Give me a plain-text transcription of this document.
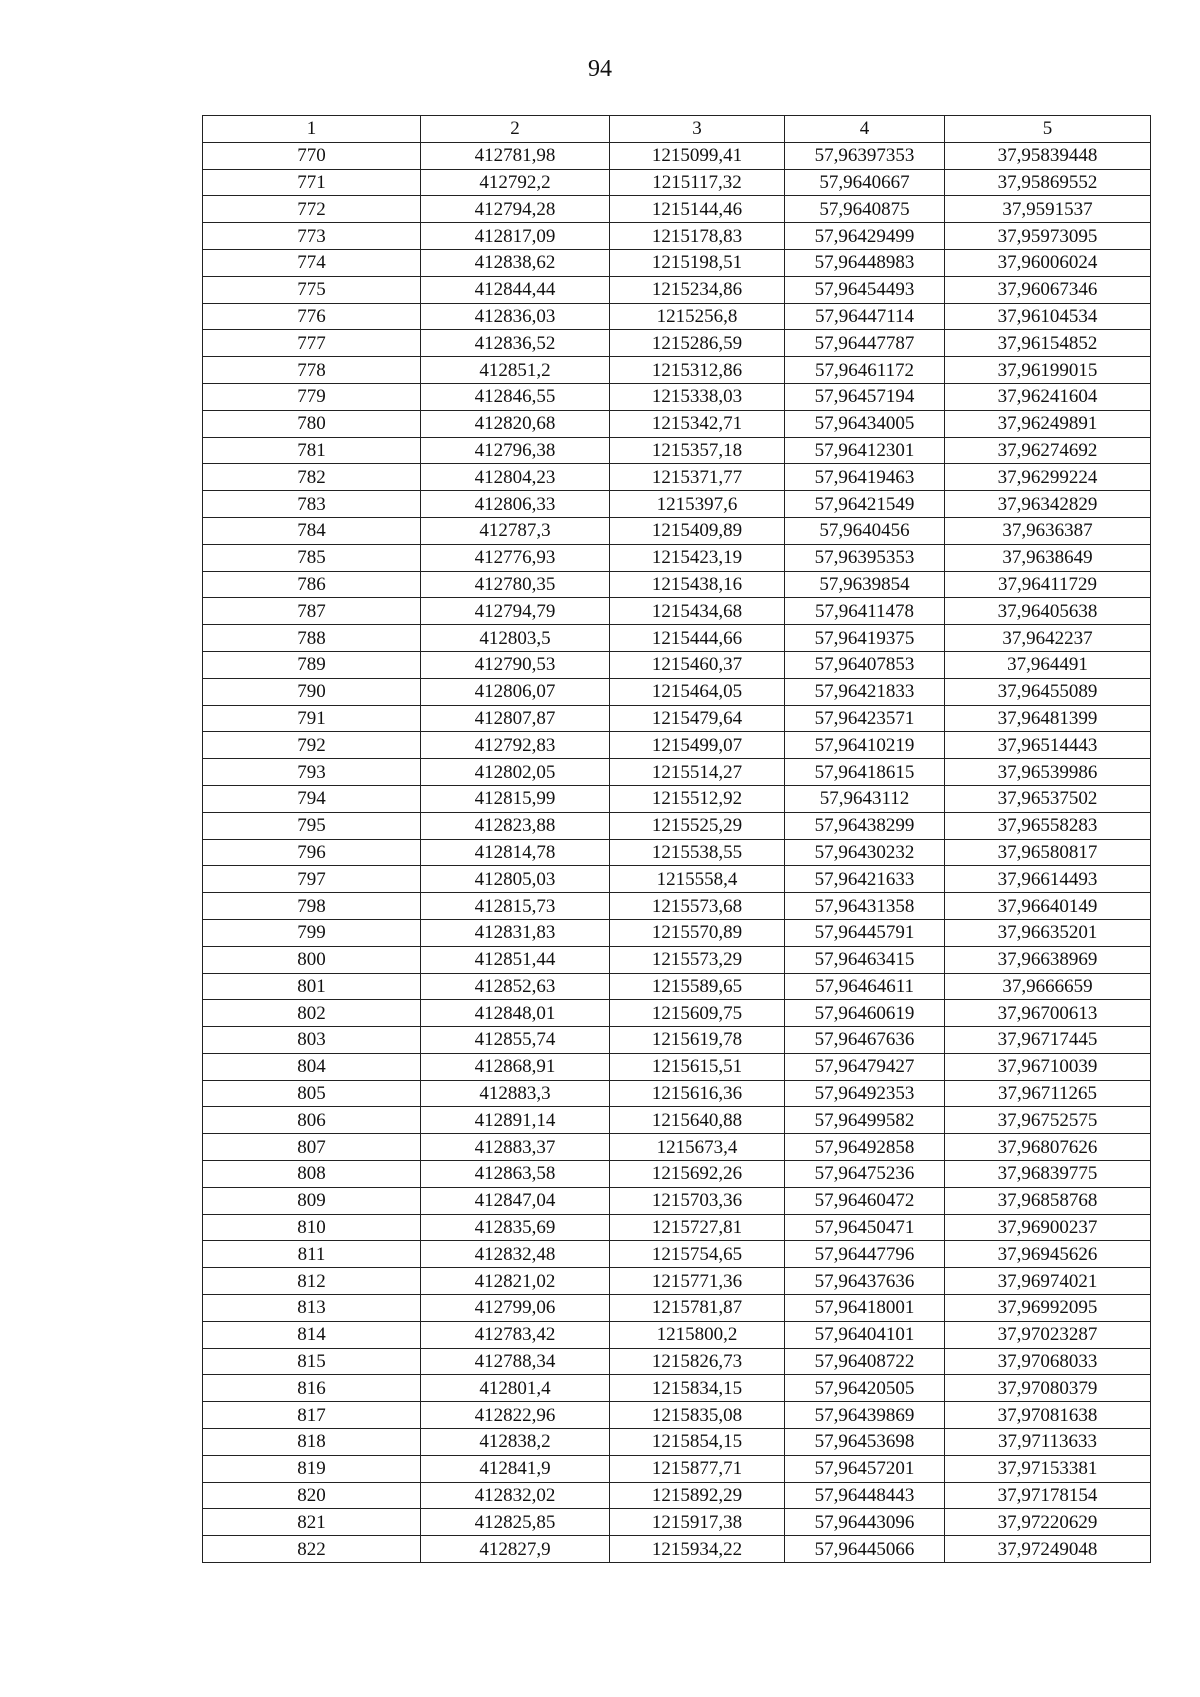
94
1	2	3	4	5
770	412781,98	1215099,41	57,96397353	37,95839448
771	412792,2	1215117,32	57,9640667	37,95869552
772	412794,28	1215144,46	57,9640875	37,9591537
773	412817,09	1215178,83	57,96429499	37,95973095
774	412838,62	1215198,51	57,96448983	37,96006024
775	412844,44	1215234,86	57,96454493	37,96067346
776	412836,03	1215256,8	57,96447114	37,96104534
777	412836,52	1215286,59	57,96447787	37,96154852
778	412851,2	1215312,86	57,96461172	37,96199015
779	412846,55	1215338,03	57,96457194	37,96241604
780	412820,68	1215342,71	57,96434005	37,96249891
781	412796,38	1215357,18	57,96412301	37,96274692
782	412804,23	1215371,77	57,96419463	37,96299224
783	412806,33	1215397,6	57,96421549	37,96342829
784	412787,3	1215409,89	57,9640456	37,9636387
785	412776,93	1215423,19	57,96395353	37,9638649
786	412780,35	1215438,16	57,9639854	37,96411729
787	412794,79	1215434,68	57,96411478	37,96405638
788	412803,5	1215444,66	57,96419375	37,9642237
789	412790,53	1215460,37	57,96407853	37,964491
790	412806,07	1215464,05	57,96421833	37,96455089
791	412807,87	1215479,64	57,96423571	37,96481399
792	412792,83	1215499,07	57,96410219	37,96514443
793	412802,05	1215514,27	57,96418615	37,96539986
794	412815,99	1215512,92	57,9643112	37,96537502
795	412823,88	1215525,29	57,96438299	37,96558283
796	412814,78	1215538,55	57,96430232	37,96580817
797	412805,03	1215558,4	57,96421633	37,96614493
798	412815,73	1215573,68	57,96431358	37,96640149
799	412831,83	1215570,89	57,96445791	37,96635201
800	412851,44	1215573,29	57,96463415	37,96638969
801	412852,63	1215589,65	57,96464611	37,9666659
802	412848,01	1215609,75	57,96460619	37,96700613
803	412855,74	1215619,78	57,96467636	37,96717445
804	412868,91	1215615,51	57,96479427	37,96710039
805	412883,3	1215616,36	57,96492353	37,96711265
806	412891,14	1215640,88	57,96499582	37,96752575
807	412883,37	1215673,4	57,96492858	37,96807626
808	412863,58	1215692,26	57,96475236	37,96839775
809	412847,04	1215703,36	57,96460472	37,96858768
810	412835,69	1215727,81	57,96450471	37,96900237
811	412832,48	1215754,65	57,96447796	37,96945626
812	412821,02	1215771,36	57,96437636	37,96974021
813	412799,06	1215781,87	57,96418001	37,96992095
814	412783,42	1215800,2	57,96404101	37,97023287
815	412788,34	1215826,73	57,96408722	37,97068033
816	412801,4	1215834,15	57,96420505	37,97080379
817	412822,96	1215835,08	57,96439869	37,97081638
818	412838,2	1215854,15	57,96453698	37,97113633
819	412841,9	1215877,71	57,96457201	37,97153381
820	412832,02	1215892,29	57,96448443	37,97178154
821	412825,85	1215917,38	57,96443096	37,97220629
822	412827,9	1215934,22	57,96445066	37,97249048
